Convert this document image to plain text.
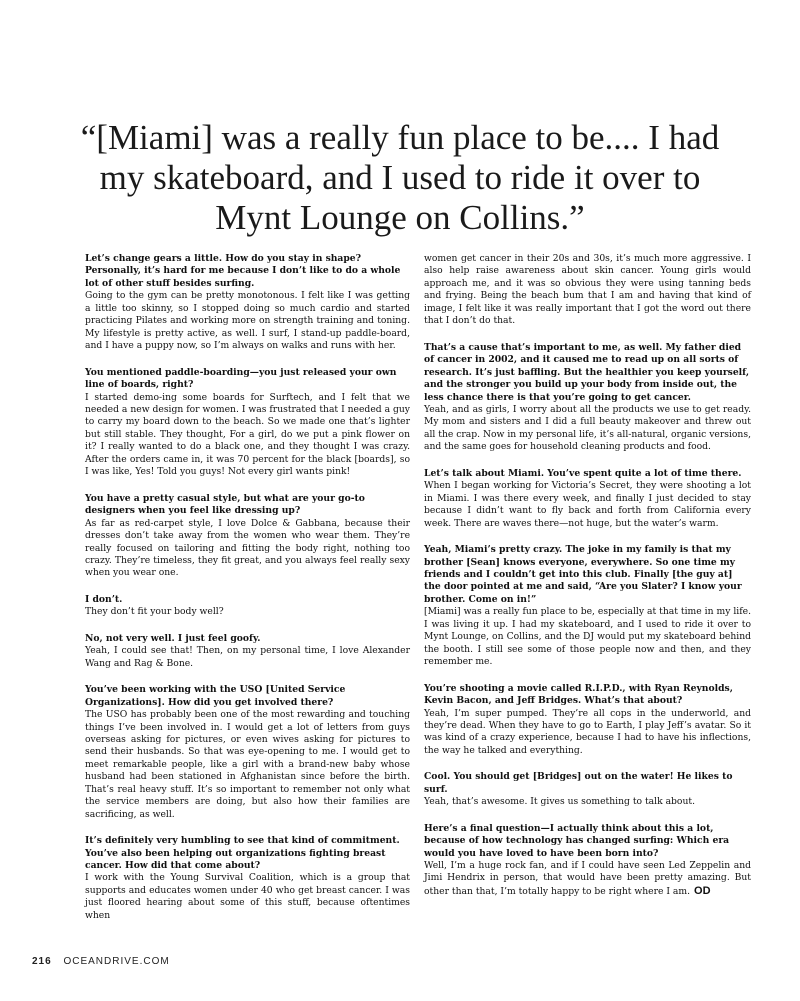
“[Miami] was a really fun place to be.... I had my skateboard, and I used to ride it over to Mynt Lounge on Collins.”

Let’s change gears a little. How do you stay in shape? Personally, it’s hard for me because I don’t like to do a whole lot of other stuff besides surfing.

Going to the gym can be pretty monotonous. I felt like I was getting a little too skinny, so I stopped doing so much cardio and started practicing Pilates and working more on strength training and toning. My lifestyle is pretty active, as well. I surf, I stand-up paddle-board, and I have a puppy now, so I’m always on walks and runs with her.

You mentioned paddle-boarding—you just released your own line of boards, right?

I started demo-ing some boards for Surftech, and I felt that we needed a new design for women. I was frustrated that I needed a guy to carry my board down to the beach. So we made one that’s lighter but still stable. They thought, For a girl, do we put a pink flower on it? I really wanted to do a black one, and they thought I was crazy. After the orders came in, it was 70 percent for the black [boards], so I was like, Yes! Told you guys! Not every girl wants pink!

You have a pretty casual style, but what are your go-to designers when you feel like dressing up?

As far as red-carpet style, I love Dolce & Gabbana, because their dresses don’t take away from the women who wear them. They’re really focused on tailoring and fitting the body right, nothing too crazy. They’re timeless, they fit great, and you always feel really sexy when you wear one.

I don’t.

They don’t fit your body well?

No, not very well. I just feel goofy.

Yeah, I could see that! Then, on my personal time, I love Alexander Wang and Rag & Bone.

You’ve been working with the USO [United Service Organizations]. How did you get involved there?

The USO has probably been one of the most rewarding and touching things I’ve been involved in. I would get a lot of letters from guys overseas asking for pictures, or even wives asking for pictures to send their husbands. So that was eye-opening to me. I would get to meet remarkable people, like a girl with a brand-new baby whose husband had been stationed in Afghanistan since before the birth. That’s real heavy stuff. It’s so important to remember not only what the service members are doing, but also how their families are sacrificing, as well.

It’s definitely very humbling to see that kind of commitment. You’ve also been helping out organizations fighting breast cancer. How did that come about?

I work with the Young Survival Coalition, which is a group that supports and educates women under 40 who get breast cancer. I was just floored hearing about some of this stuff, because oftentimes when

women get cancer in their 20s and 30s, it’s much more aggressive. I also help raise awareness about skin cancer. Young girls would approach me, and it was so obvious they were using tanning beds and frying. Being the beach bum that I am and having that kind of image, I felt like it was really important that I got the word out there that I don’t do that.

That’s a cause that’s important to me, as well. My father died of cancer in 2002, and it caused me to read up on all sorts of research. It’s just baffling. But the healthier you keep yourself, and the stronger you build up your body from inside out, the less chance there is that you’re going to get cancer.

Yeah, and as girls, I worry about all the products we use to get ready. My mom and sisters and I did a full beauty makeover and threw out all the crap. Now in my personal life, it’s all-natural, organic versions, and the same goes for household cleaning products and food.

Let’s talk about Miami. You’ve spent quite a lot of time there.

When I began working for Victoria’s Secret, they were shooting a lot in Miami. I was there every week, and finally I just decided to stay because I didn’t want to fly back and forth from California every week. There are waves there—not huge, but the water’s warm.

Yeah, Miami’s pretty crazy. The joke in my family is that my brother [Sean] knows everyone, everywhere. So one time my friends and I couldn’t get into this club. Finally [the guy at] the door pointed at me and said, “Are you Slater? I know your brother. Come on in!”

[Miami] was a really fun place to be, especially at that time in my life. I was living it up. I had my skateboard, and I used to ride it over to Mynt Lounge, on Collins, and the DJ would put my skateboard behind the booth. I still see some of those people now and then, and they remember me.

You’re shooting a movie called R.I.P.D., with Ryan Reynolds, Kevin Bacon, and Jeff Bridges. What’s that about?

Yeah, I’m super pumped. They’re all cops in the underworld, and they’re dead. When they have to go to Earth, I play Jeff’s avatar. So it was kind of a crazy experience, because I had to have his inflections, the way he talked and everything.

Cool. You should get [Bridges] out on the water! He likes to surf.

Yeah, that’s awesome. It gives us something to talk about.

Here’s a final question—I actually think about this a lot, because of how technology has changed surfing: Which era would you have loved to have been born into?

Well, I’m a huge rock fan, and if I could have seen Led Zeppelin and Jimi Hendrix in person, that would have been pretty amazing. But other than that, I’m totally happy to be right where I am. OD

216 OCEANDRIVE.COM
